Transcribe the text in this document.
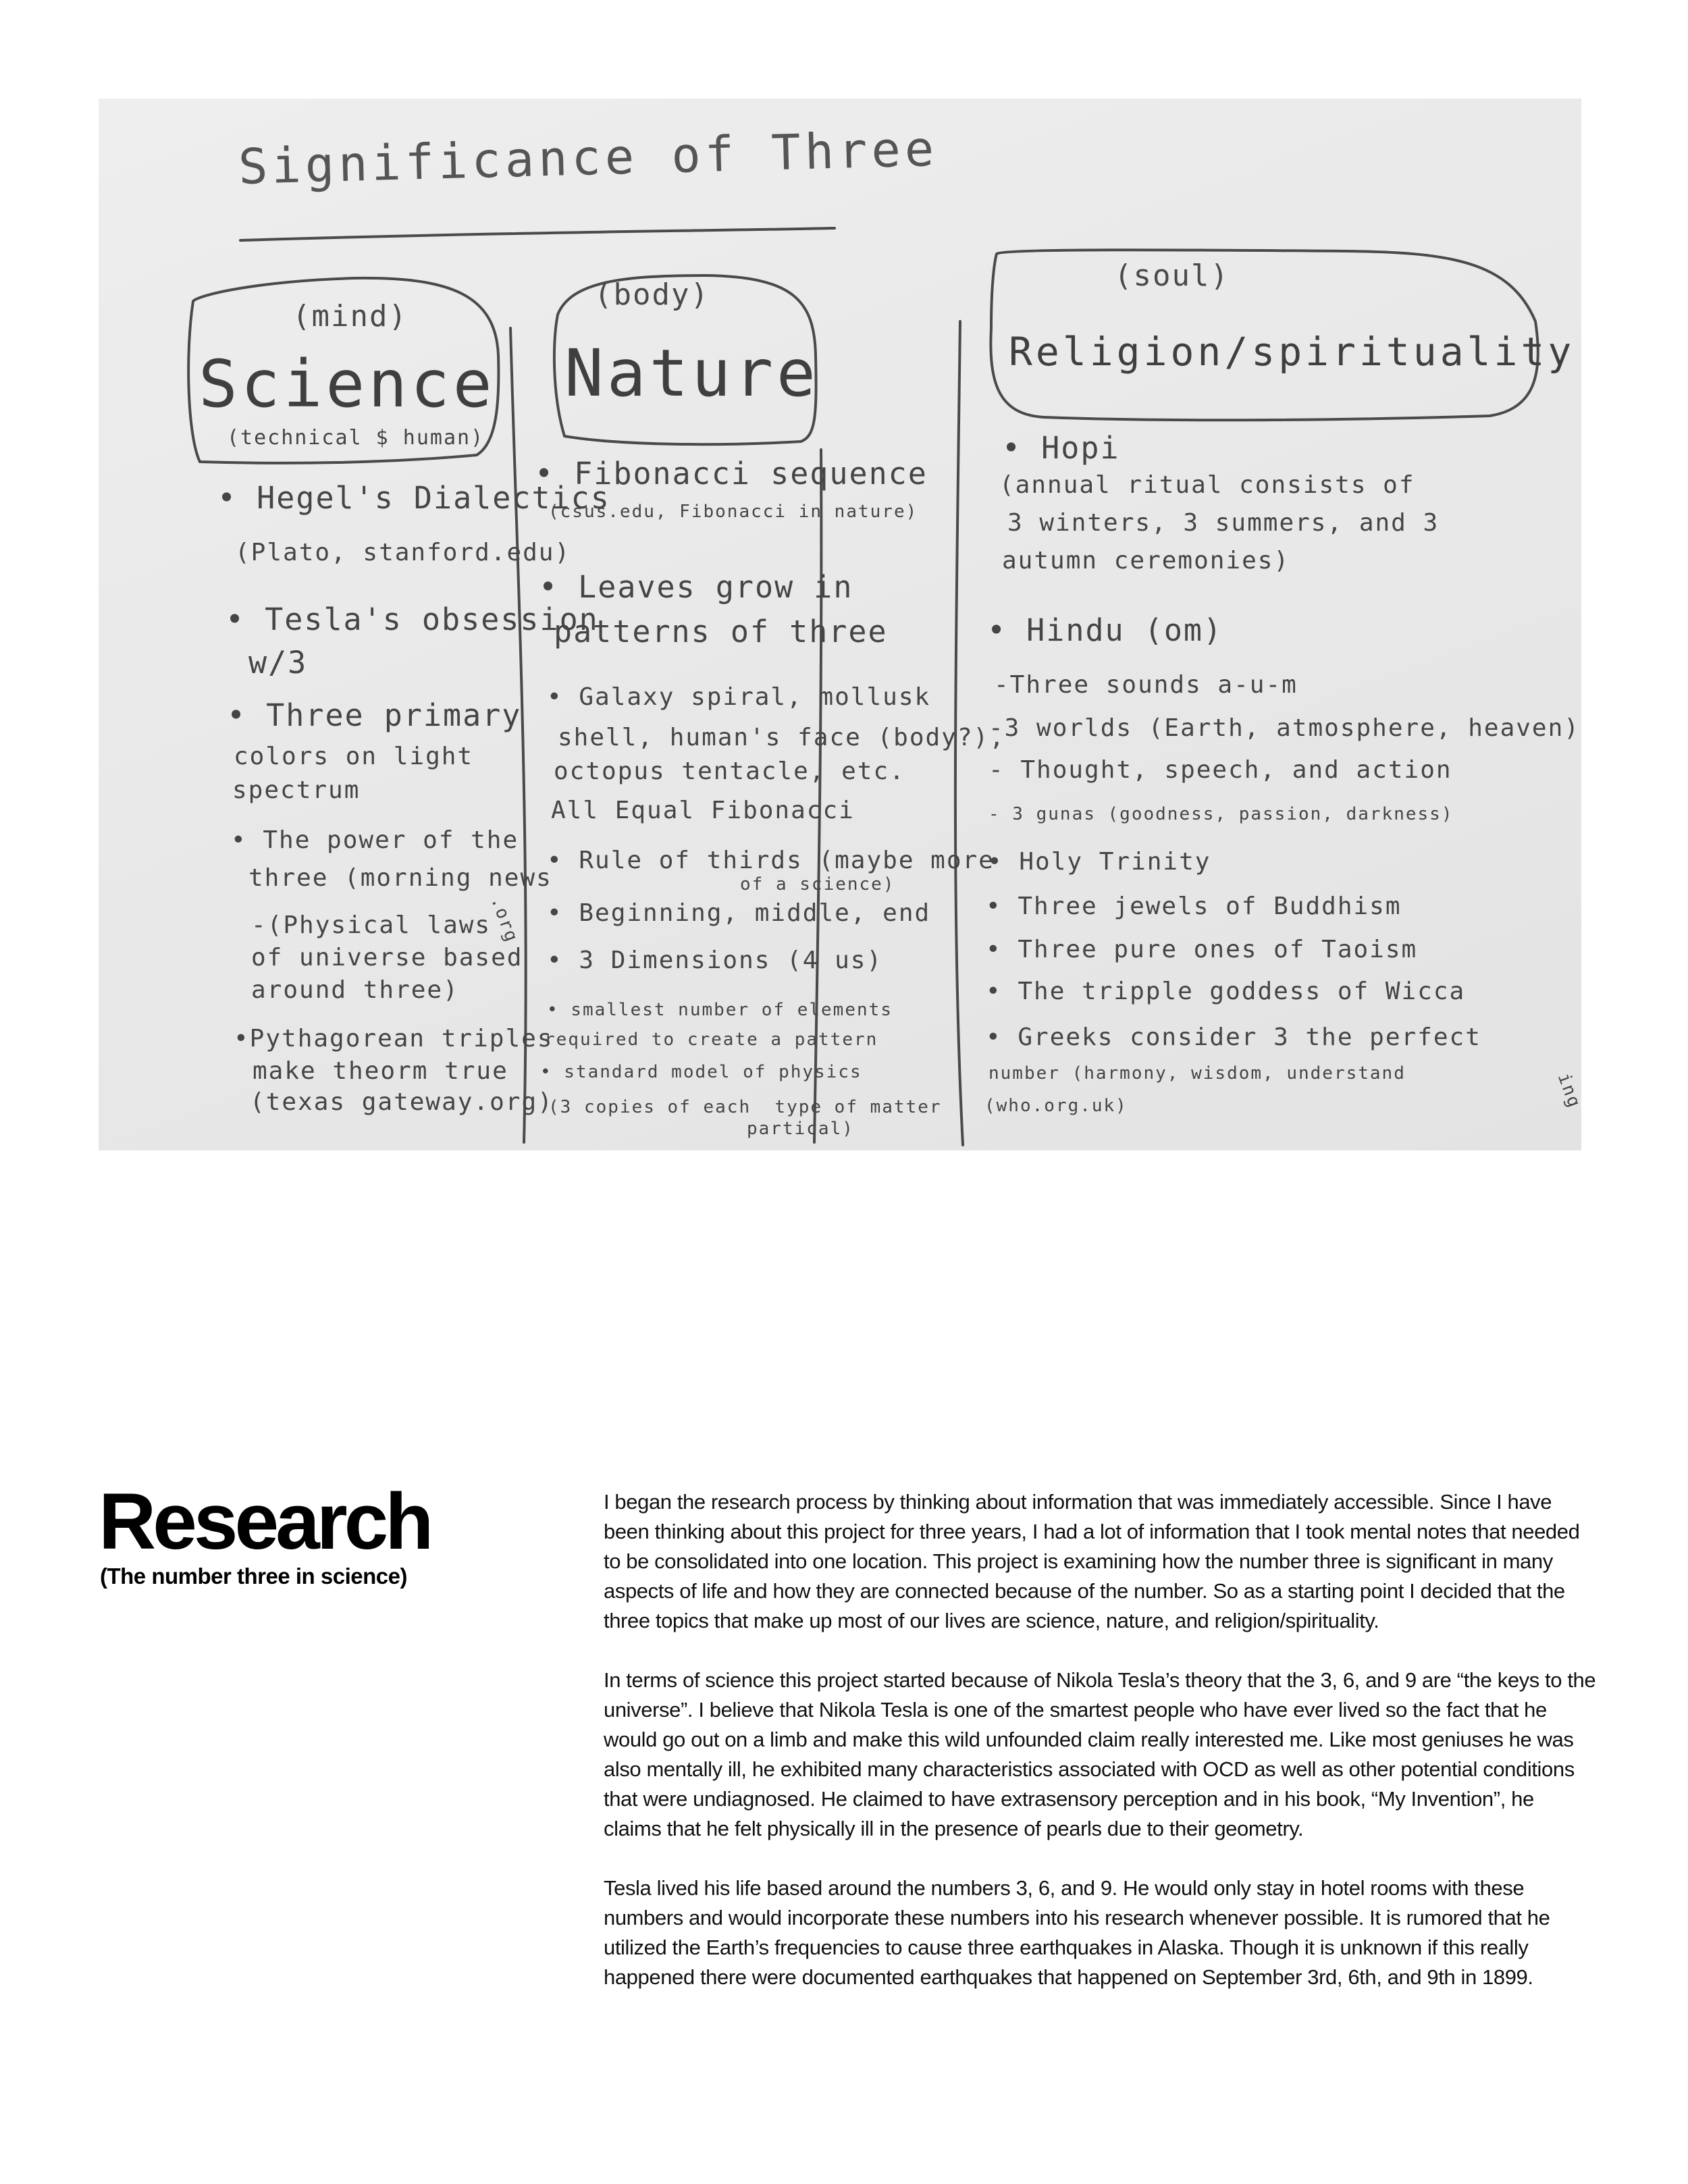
Significance of Three

(mind)

Science

(technical $ human)

• Hegel's Dialectics

(Plato, stanford.edu)

• Tesla's obsession

w/3

• Three primary

colors on light

spectrum

• The power of the

three (morning news

.org

-(Physical laws

of universe based

around three)

•Pythagorean triples

make theorm true

(texas gateway.org)

(body)

Nature

• Fibonacci sequence

(csus.edu, Fibonacci in nature)

• Leaves grow in

patterns of three

• Galaxy spiral, mollusk

shell, human's face (body?),

octopus tentacle, etc.

All Equal Fibonacci

• Rule of thirds (maybe more

of a science)

• Beginning, middle, end

• 3 Dimensions (4 us)

• smallest number of elements

required to create a pattern

• standard model of physics

(3 copies of each  type of matter

partical)

(soul)

Religion/spirituality

• Hopi

(annual ritual consists of

3 winters, 3 summers, and 3

autumn ceremonies)

• Hindu (om)

-Three sounds a-u-m

-3 worlds (Earth, atmosphere, heaven)

- Thought, speech, and action

- 3 gunas (goodness, passion, darkness)

• Holy Trinity

• Three jewels of Buddhism

• Three pure ones of Taoism

• The tripple goddess of Wicca

• Greeks consider 3 the perfect

number (harmony, wisdom, understand

(who.org.uk)	ing

Research
(The number three in science)

I began the research process by thinking about information that was immediately accessible. Since I have been thinking about this project for three years, I had a lot of information that I took mental notes that needed to be consolidated into one location. This project is examining how the number three is significant in many aspects of life and how they are connected because of the number. So as a starting point I decided that the three topics that make up most of our lives are science, nature, and religion/spirituality.

In terms of science this project started because of Nikola Tesla’s theory that the 3, 6, and 9 are “the keys to the universe”. I believe that Nikola Tesla is one of the smartest people who have ever lived so the fact that he would go out on a limb and make this wild unfounded claim really interested me. Like most geniuses he was also mentally ill, he exhibited many characteristics associated with OCD as well as other potential conditions that were undiagnosed. He claimed to have extrasensory perception and in his book, “My Invention”, he claims that he felt physically ill in the presence of pearls due to their geometry.

Tesla lived his life based around the numbers 3, 6, and 9. He would only stay in hotel rooms with these numbers and would incorporate these numbers into his research whenever possible. It is rumored that he utilized the Earth’s frequencies to cause three earthquakes in Alaska. Though it is unknown if this really happened there were documented earthquakes that happened on September 3rd, 6th, and 9th in 1899.
